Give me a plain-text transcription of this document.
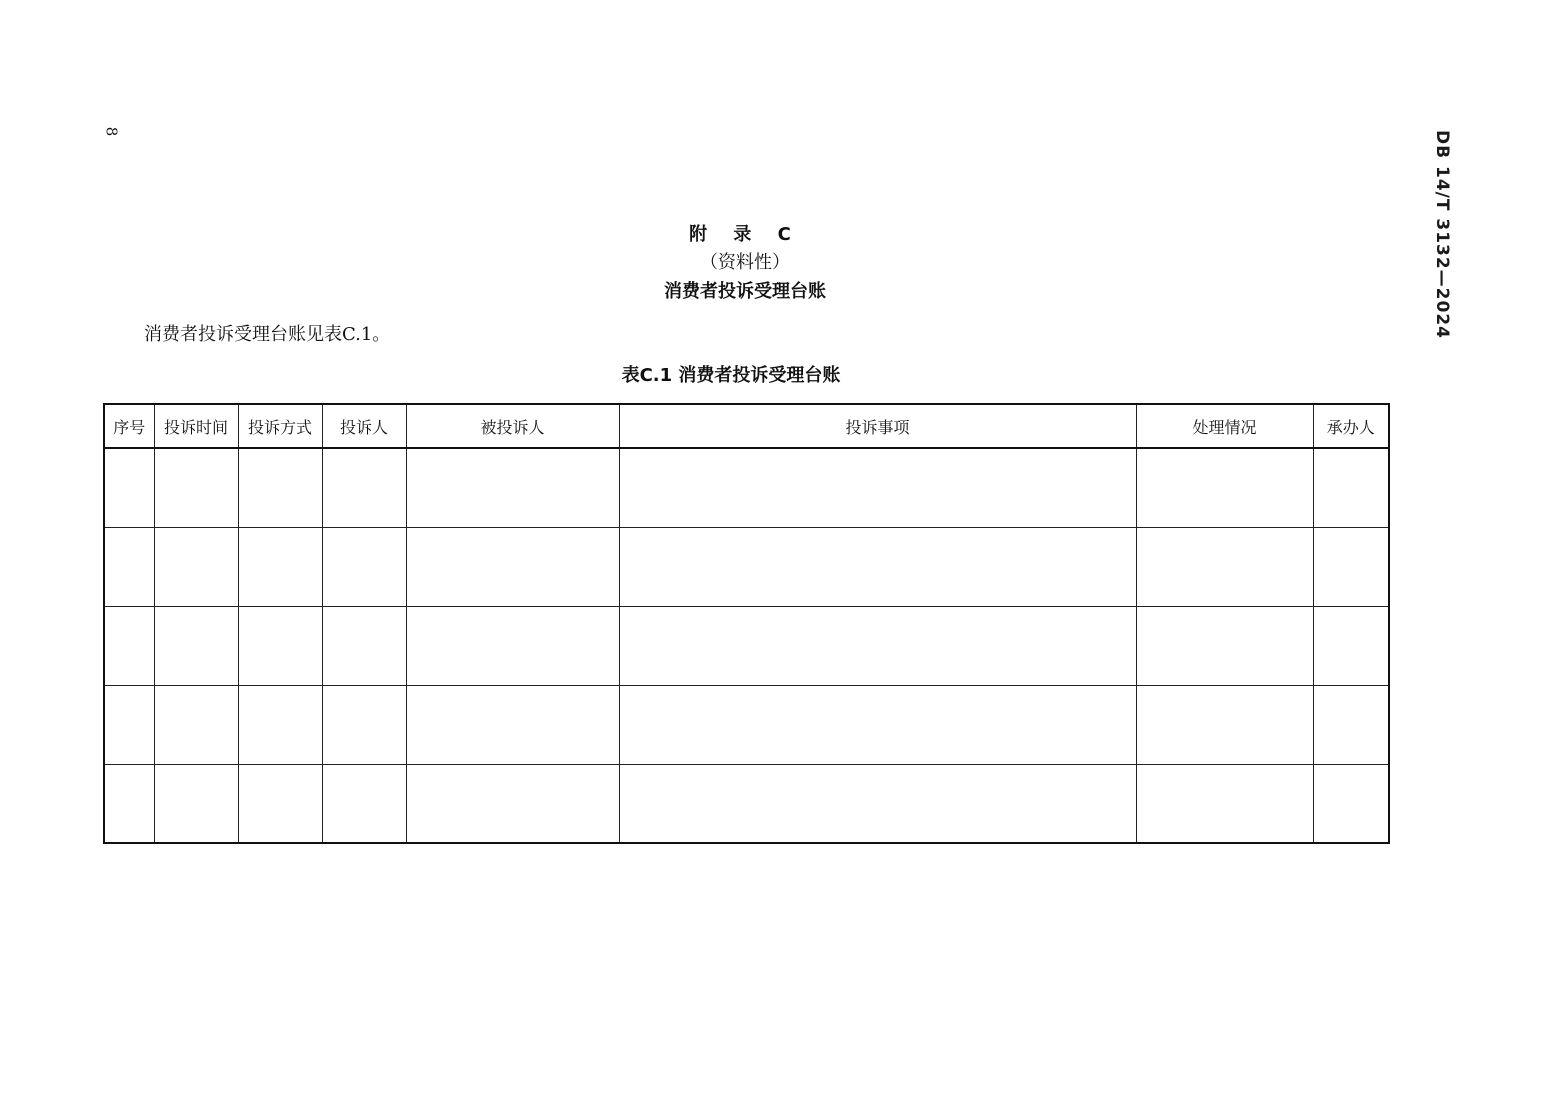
8	DB 14/T 3132—2024
附 录 C
（资料性）
消费者投诉受理台账
消费者投诉受理台账见表C.1。
表C.1 消费者投诉受理台账
序号	投诉时间	投诉方式	投诉人	被投诉人	投诉事项	处理情况	承办人
